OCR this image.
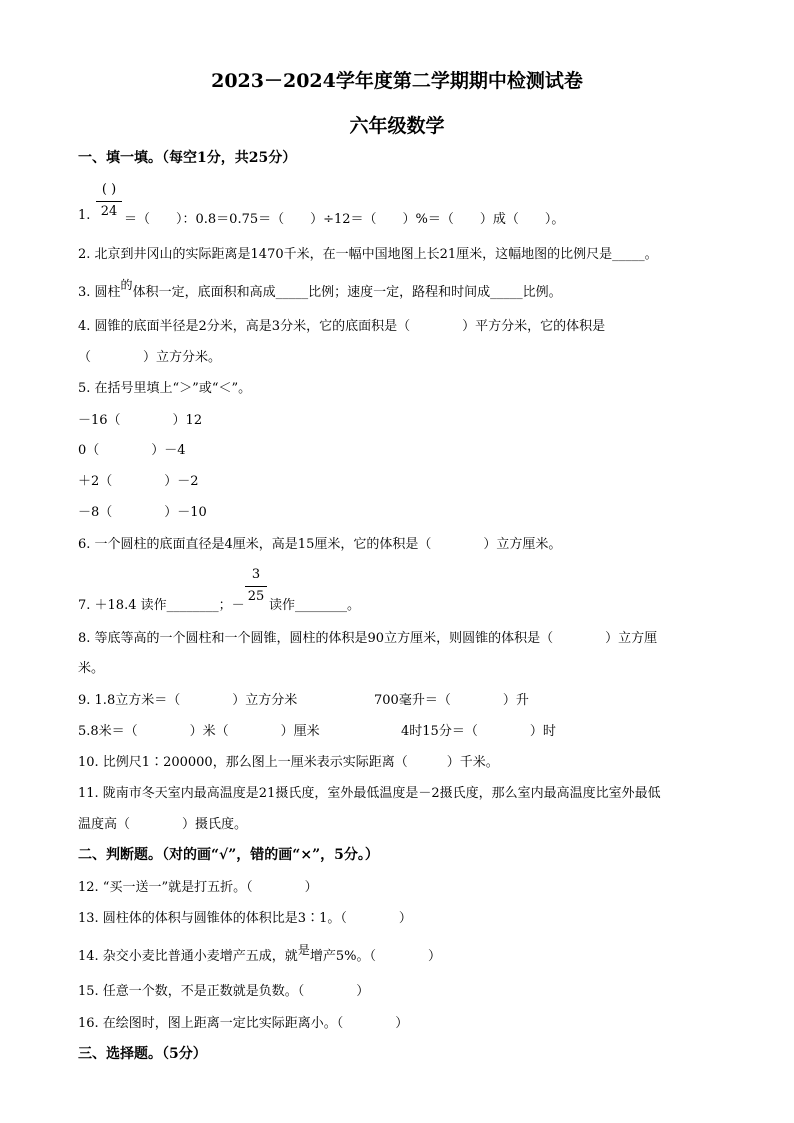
2023－2024学年度第二学期期中检测试卷
六年级数学
一、填一填。（每空1分，共25分）
1.
( )
24
＝（　　）：0.8＝0.75＝（　　）÷12＝（　　）%＝（　　）成（　　）。
2. 北京到井冈山的实际距离是1470千米，在一幅中国地图上长21厘米，这幅地图的比例尺是_____。
3. 圆柱的体积一定，底面积和高成_____比例；速度一定，路程和时间成_____比例。
4. 圆锥的底面半径是2分米，高是3分米，它的底面积是（　　　　）平方分米，它的体积是
（　　　　）立方分米。
5. 在括号里填上“＞”或“＜”。
－16（　　　　）12
0（　　　　）－4
＋2（　　　　）－2
－8（　　　　）－10
6. 一个圆柱的底面直径是4厘米，高是15厘米，它的体积是（　　　　）立方厘米。
7. ＋18.4 读作________；－
3
25
读作________。
8. 等底等高的一个圆柱和一个圆锥，圆柱的体积是90立方厘米，则圆锥的体积是（　　　　）立方厘
米。
9. 1.8立方米＝（　　　　）立方分米	700毫升＝（　　　　）升
5.8米＝（　　　　）米（　　　　）厘米	4时15分＝（　　　　）时
10. 比例尺1∶200000，那么图上一厘米表示实际距离（　　　）千米。
11. 陇南市冬天室内最高温度是21摄氏度，室外最低温度是－2摄氏度，那么室内最高温度比室外最低
温度高（　　　　）摄氏度。
二、判断题。（对的画“√”，错的画“×”，5分。）
12. “买一送一”就是打五折。（　　　　）
13. 圆柱体的体积与圆锥体的体积比是3∶1。（　　　　）
14. 杂交小麦比普通小麦增产五成，就是增产5%。（　　　　）
15. 任意一个数，不是正数就是负数。（　　　　）
16. 在绘图时，图上距离一定比实际距离小。（　　　　）
三、选择题。（5分）
